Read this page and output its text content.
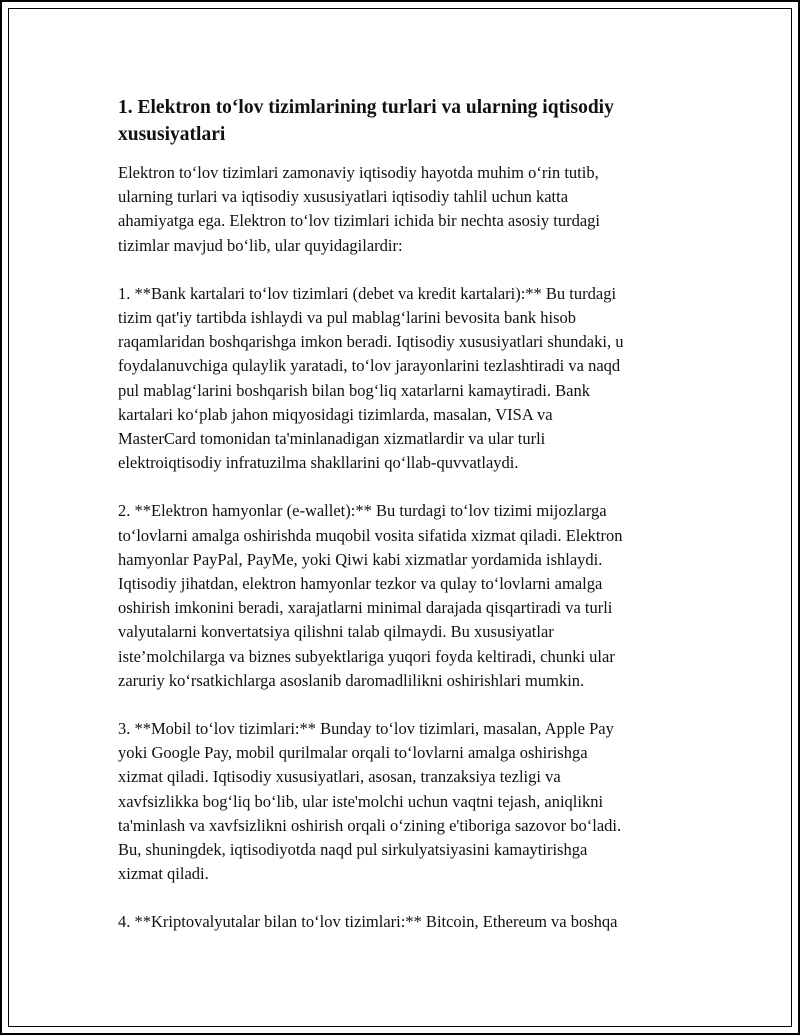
1. Elektron to‘lov tizimlarining turlari va ularning iqtisodiy
xususiyatlari

Elektron to‘lov tizimlari zamonaviy iqtisodiy hayotda muhim o‘rin tutib,
ularning turlari va iqtisodiy xususiyatlari iqtisodiy tahlil uchun katta
ahamiyatga ega. Elektron to‘lov tizimlari ichida bir nechta asosiy turdagi
tizimlar mavjud bo‘lib, ular quyidagilardir:

1. **Bank kartalari to‘lov tizimlari (debet va kredit kartalari):** Bu turdagi
tizim qat'iy tartibda ishlaydi va pul mablag‘larini bevosita bank hisob
raqamlaridan boshqarishga imkon beradi. Iqtisodiy xususiyatlari shundaki, u
foydalanuvchiga qulaylik yaratadi, to‘lov jarayonlarini tezlashtiradi va naqd
pul mablag‘larini boshqarish bilan bog‘liq xatarlarni kamaytiradi. Bank
kartalari ko‘plab jahon miqyosidagi tizimlarda, masalan, VISA va
MasterCard tomonidan ta'minlanadigan xizmatlardir va ular turli
elektroiqtisodiy infratuzilma shakllarini qo‘llab-quvvatlaydi.

2. **Elektron hamyonlar (e-wallet):** Bu turdagi to‘lov tizimi mijozlarga
to‘lovlarni amalga oshirishda muqobil vosita sifatida xizmat qiladi. Elektron
hamyonlar PayPal, PayMe, yoki Qiwi kabi xizmatlar yordamida ishlaydi.
Iqtisodiy jihatdan, elektron hamyonlar tezkor va qulay to‘lovlarni amalga
oshirish imkonini beradi, xarajatlarni minimal darajada qisqartiradi va turli
valyutalarni konvertatsiya qilishni talab qilmaydi. Bu xususiyatlar
iste’molchilarga va biznes subyektlariga yuqori foyda keltiradi, chunki ular
zaruriy ko‘rsatkichlarga asoslanib daromadlilikni oshirishlari mumkin.

3. **Mobil to‘lov tizimlari:** Bunday to‘lov tizimlari, masalan, Apple Pay
yoki Google Pay, mobil qurilmalar orqali to‘lovlarni amalga oshirishga
xizmat qiladi. Iqtisodiy xususiyatlari, asosan, tranzaksiya tezligi va
xavfsizlikka bog‘liq bo‘lib, ular iste'molchi uchun vaqtni tejash, aniqlikni
ta'minlash va xavfsizlikni oshirish orqali o‘zining e'tiboriga sazovor bo‘ladi.
Bu, shuningdek, iqtisodiyotda naqd pul sirkulyatsiyasini kamaytirishga
xizmat qiladi.

4. **Kriptovalyutalar bilan to‘lov tizimlari:** Bitcoin, Ethereum va boshqa
